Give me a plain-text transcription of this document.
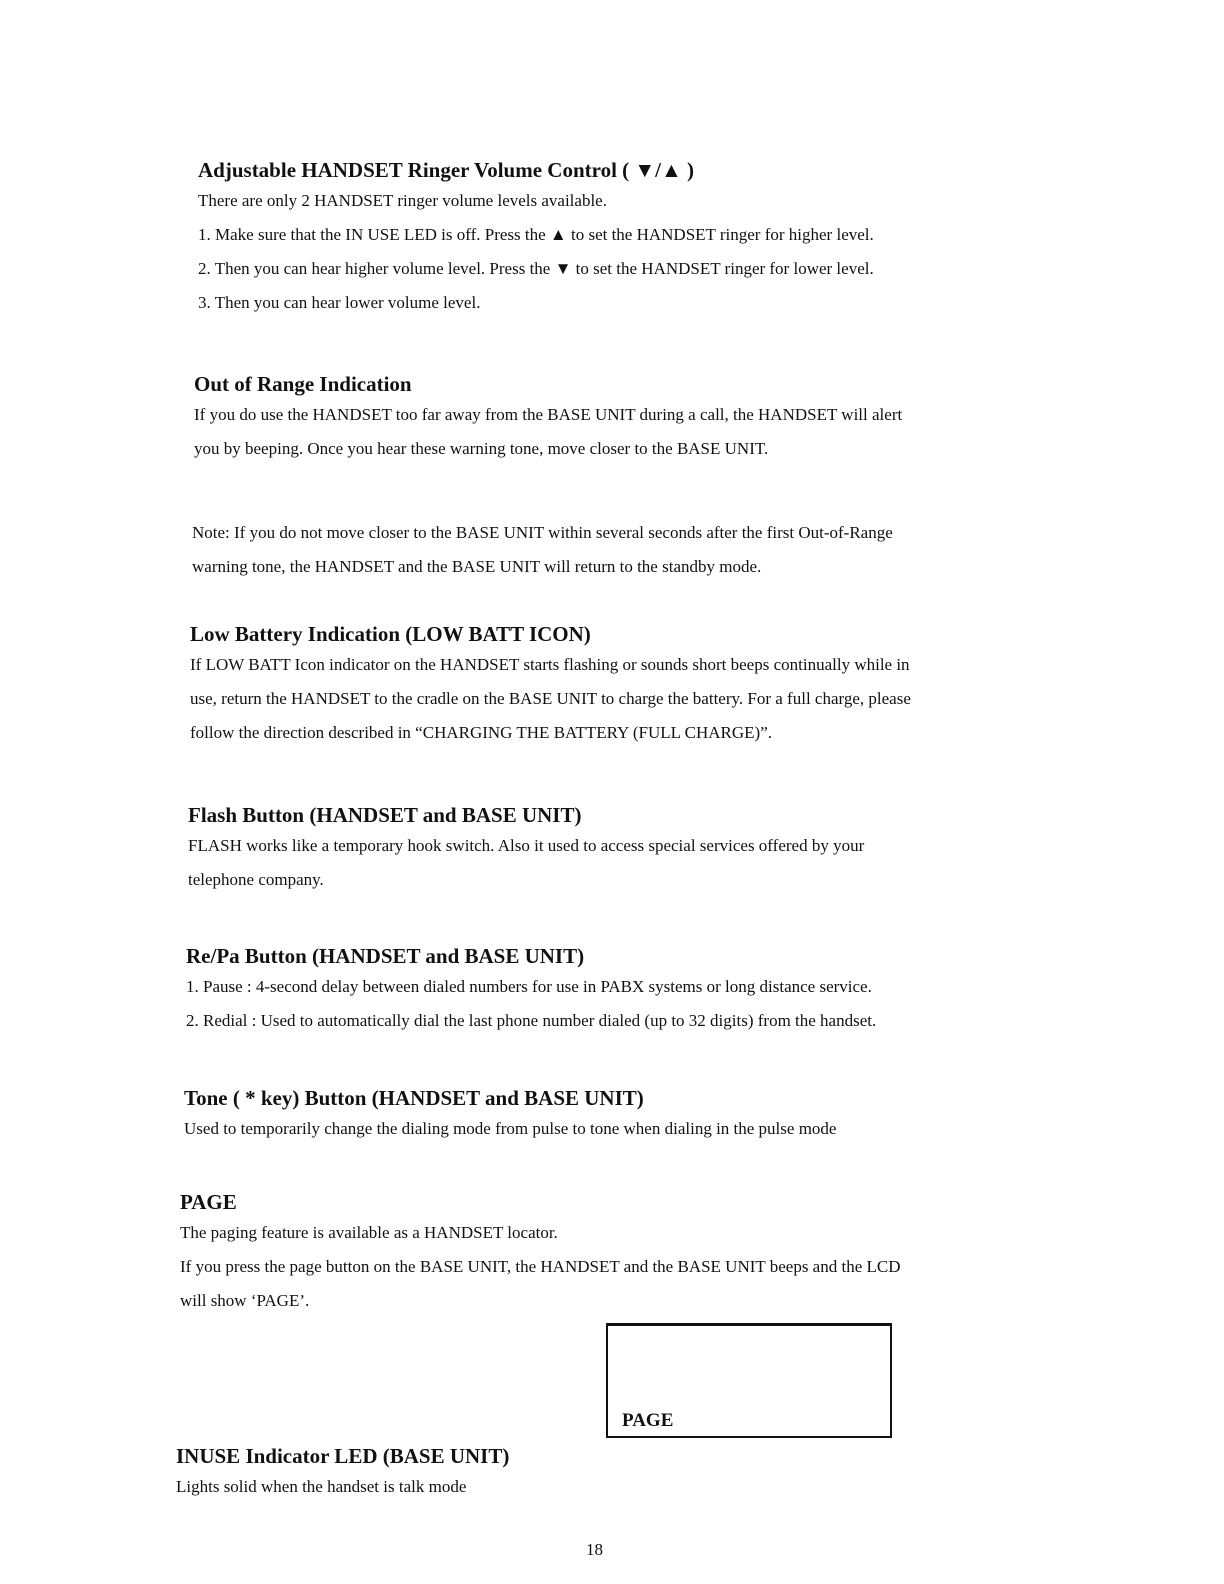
Adjustable HANDSET Ringer Volume Control ( ▼/▲ )

There are only 2 HANDSET ringer volume levels available.

1. Make sure that the IN USE LED is off. Press the ▲ to set the HANDSET ringer for higher level.

2. Then you can hear higher volume level. Press the ▼ to set the HANDSET ringer for lower level.

3. Then you can hear lower volume level.

Out of Range Indication

If you do use the HANDSET too far away from the BASE UNIT during a call, the HANDSET will alert

you by beeping. Once you hear these warning tone, move closer to the BASE UNIT.

Note: If you do not move closer to the BASE UNIT within several seconds after the first Out-of-Range

warning tone, the HANDSET and the BASE UNIT will return to the standby mode.

Low Battery Indication (LOW BATT ICON)

If LOW BATT Icon indicator on the HANDSET starts flashing or sounds short beeps continually while in

use, return the HANDSET to the cradle on the BASE UNIT to charge the battery. For a full charge, please

follow the direction described in “CHARGING THE BATTERY (FULL CHARGE)”.

Flash Button (HANDSET and BASE UNIT)

FLASH works like a temporary hook switch. Also it used to access special services offered by your

telephone company.

Re/Pa Button (HANDSET and BASE UNIT)

1. Pause : 4-second delay between dialed numbers for use in PABX systems or long distance service.

2. Redial : Used to automatically dial the last phone number dialed (up to 32 digits) from the handset.

Tone ( * key) Button (HANDSET and BASE UNIT)

Used to temporarily change the dialing mode from pulse to tone when dialing in the pulse mode

PAGE

The paging feature is available as a HANDSET locator.

If you press the page button on the BASE UNIT, the HANDSET and the BASE UNIT beeps and the LCD

will show ‘PAGE’.

PAGE
INUSE Indicator LED (BASE UNIT)

Lights solid when the handset is talk mode

18
